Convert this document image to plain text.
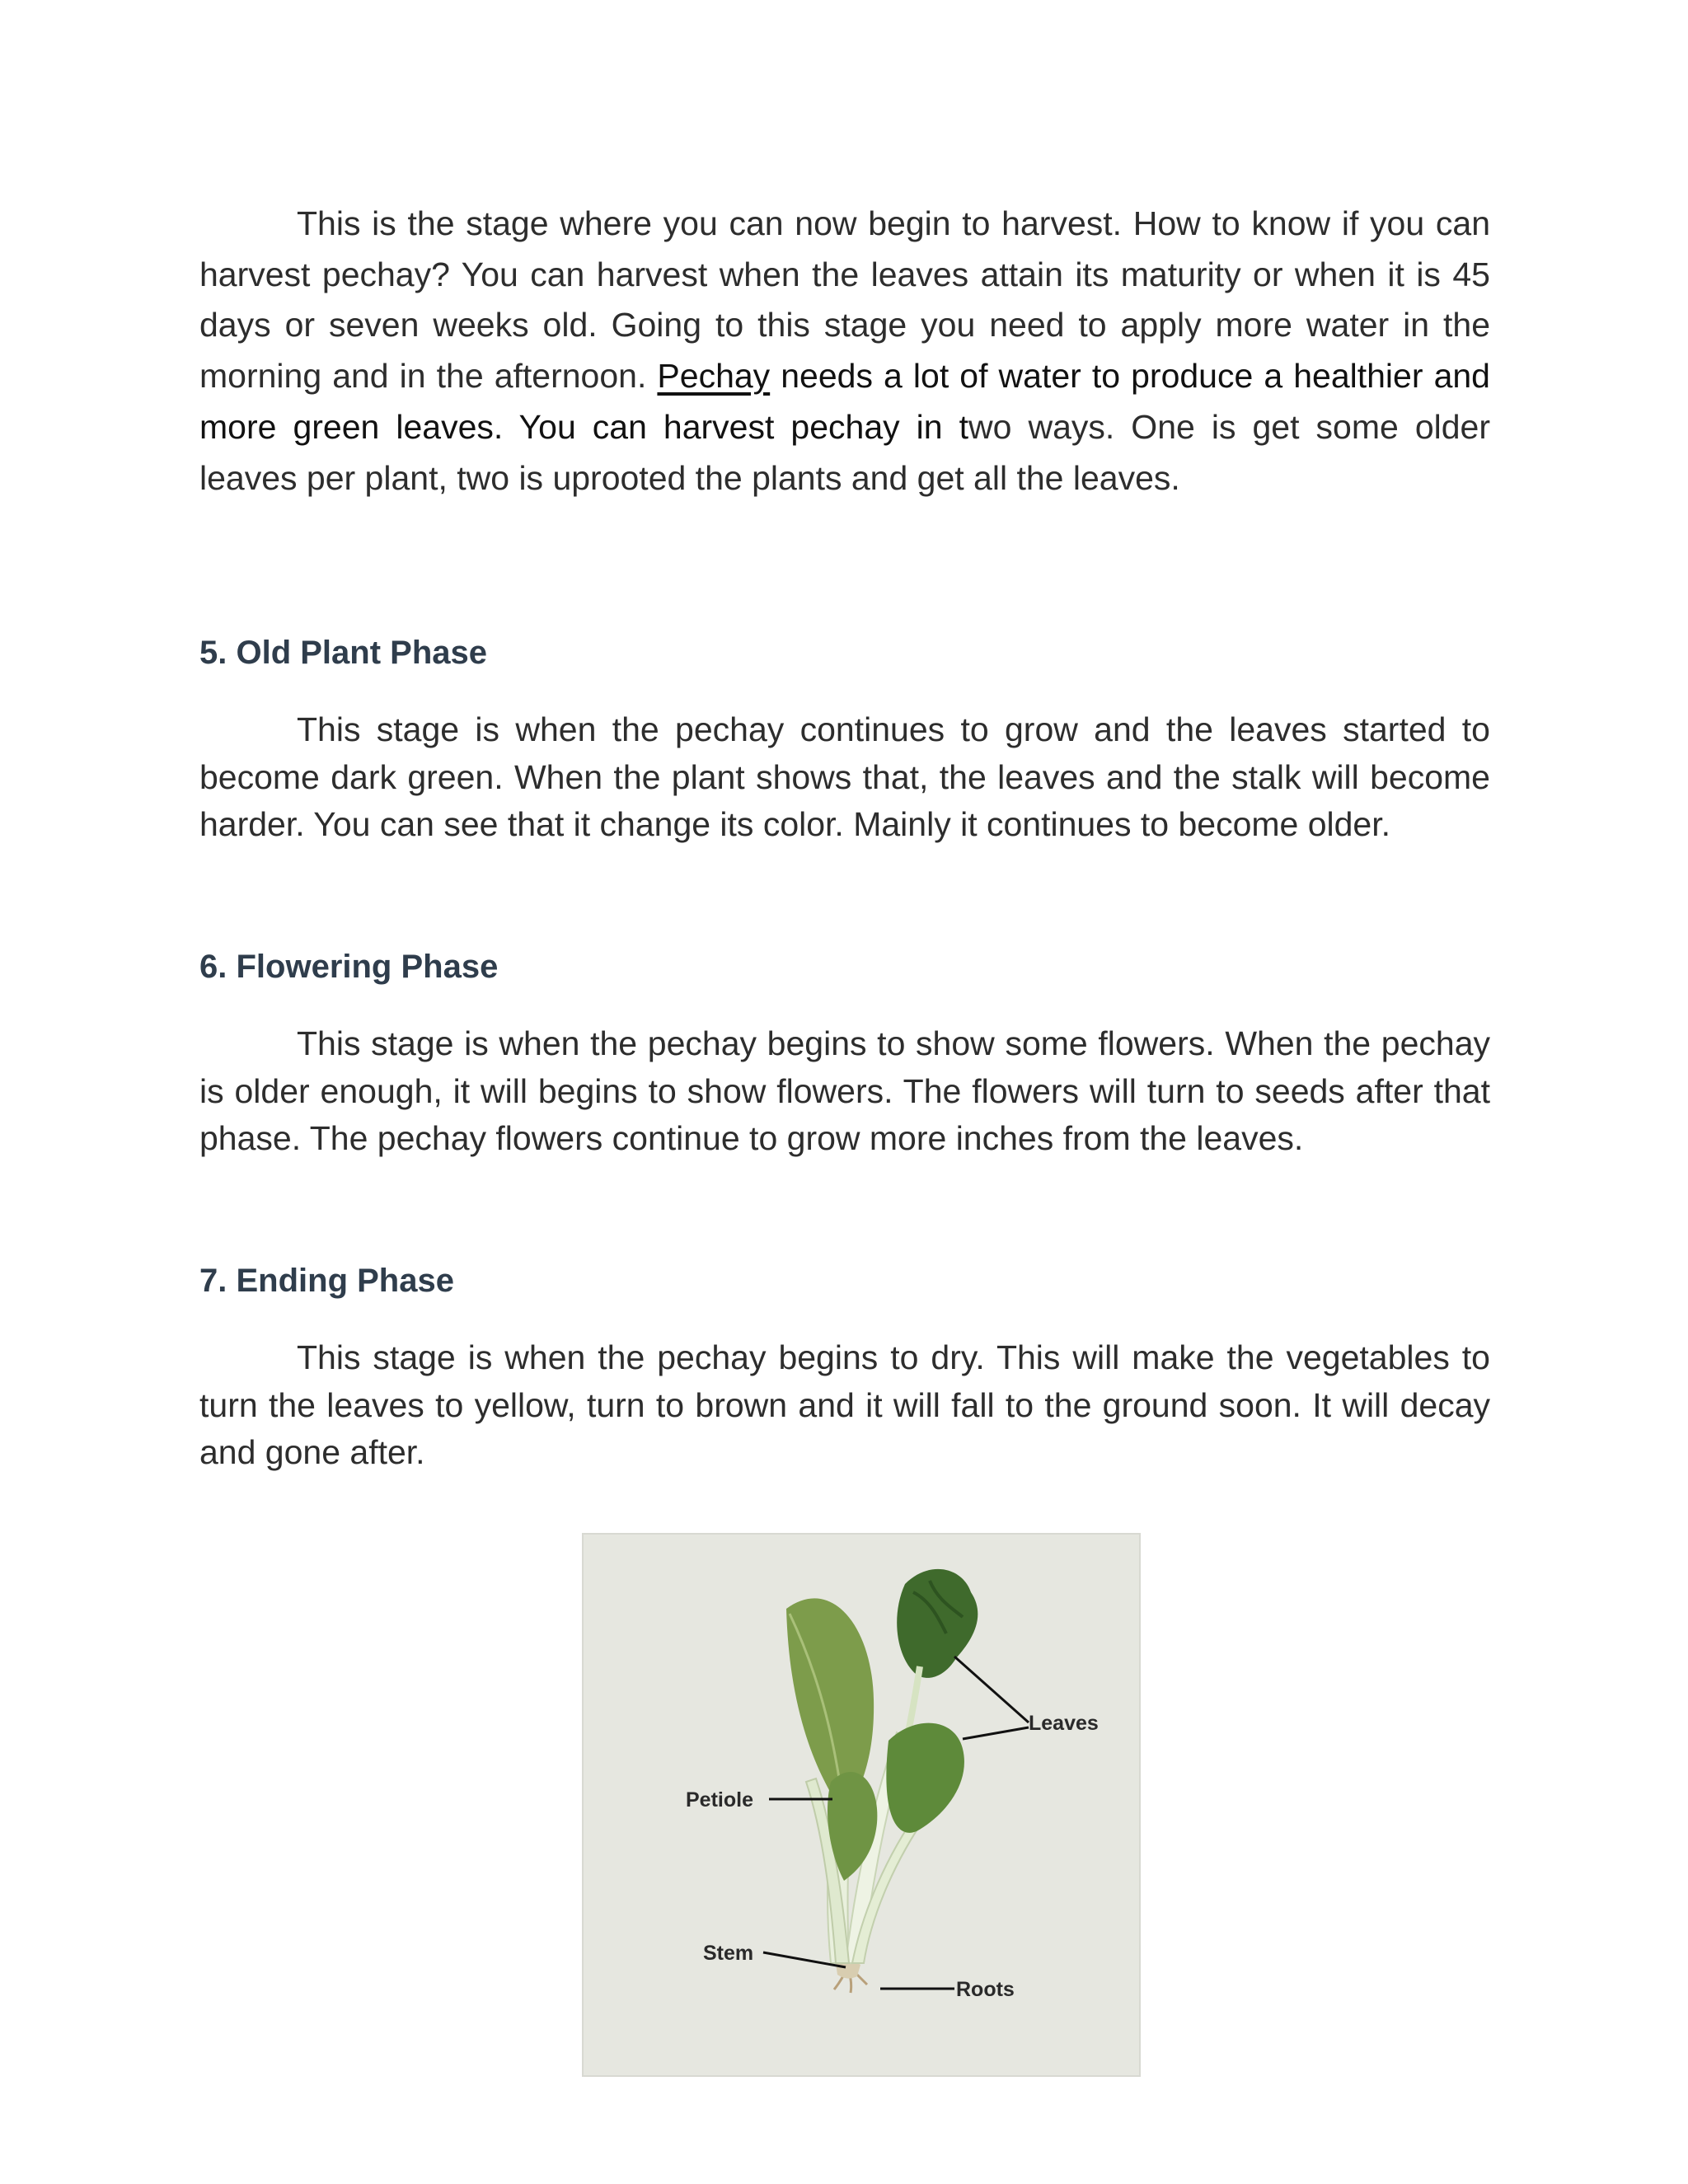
This is the stage where you can now begin to harvest. How to know if you can harvest pechay? You can harvest when the leaves attain its maturity or when it is 45 days or seven weeks old. Going to this stage you need to apply more water in the morning and in the afternoon. Pechay needs a lot of water to produce a healthier and more green leaves. You can harvest pechay in two ways. One is get some older leaves per plant, two is uprooted the plants and get all the leaves.

5. Old Plant Phase

This stage is when the pechay continues to grow and the leaves started to become dark green. When the plant shows that, the leaves and the stalk will become harder. You can see that it change its color. Mainly it continues to become older.

6. Flowering Phase

This stage is when the pechay begins to show some flowers. When the pechay is older enough, it will begins to show flowers. The flowers will turn to seeds after that phase. The pechay flowers continue to grow more inches from the leaves.

7. Ending Phase

This stage is when the pechay begins to dry. This will make the vegetables to turn the leaves to yellow, turn to brown and it will fall to the ground soon. It will decay and gone after.

Leaves
Petiole
Stem
Roots
